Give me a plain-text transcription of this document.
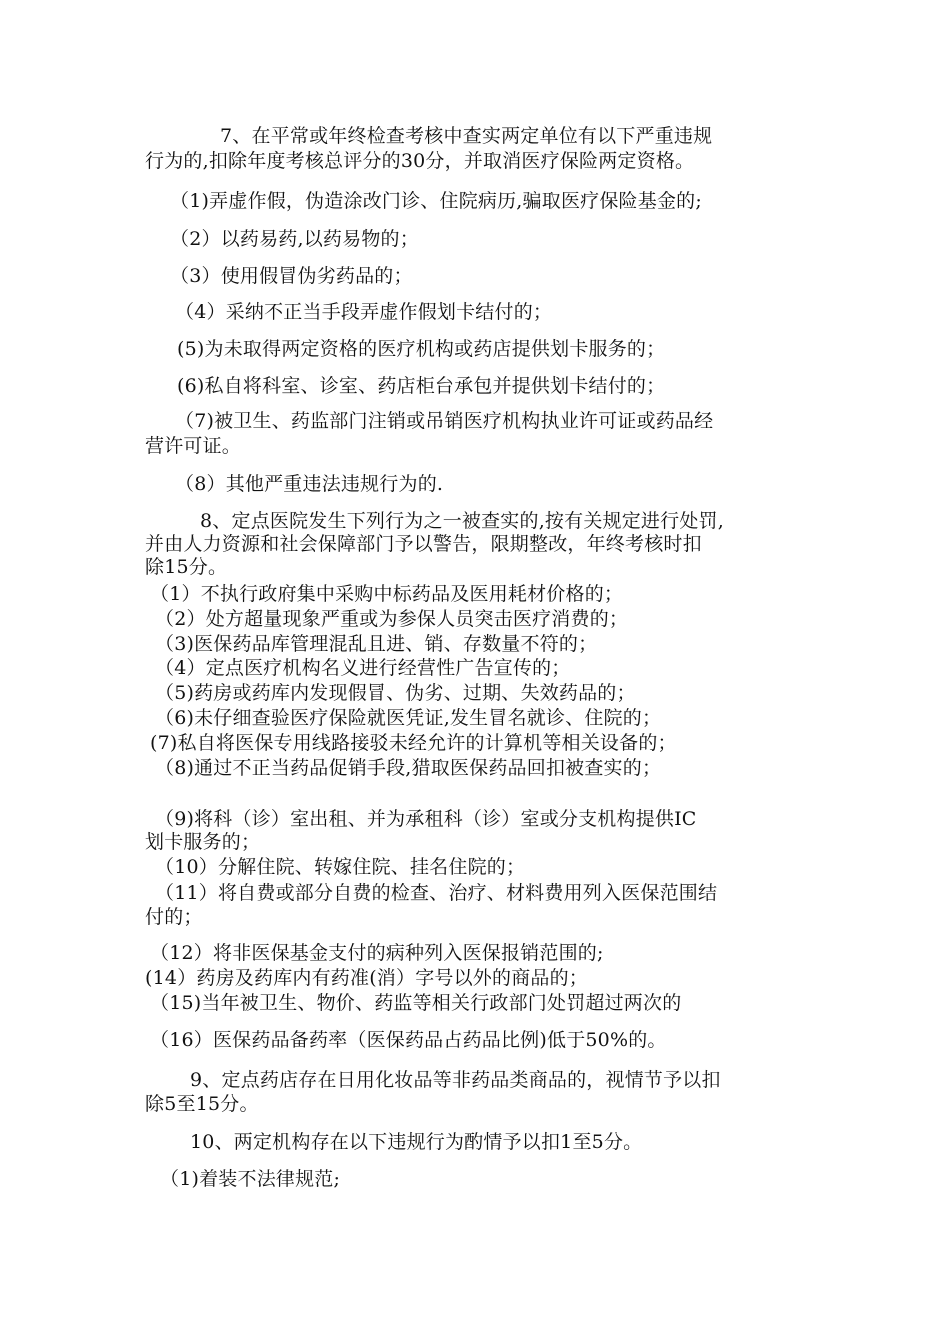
7、在平常或年终检查考核中查实两定单位有以下严重违规
行为的,扣除年度考核总评分的30分，并取消医疗保险两定资格。
（1)弄虚作假，伪造涂改门诊、住院病历,骗取医疗保险基金的;
（2）以药易药,以药易物的；
（3）使用假冒伪劣药品的；
（4）采纳不正当手段弄虚作假划卡结付的；
(5)为未取得两定资格的医疗机构或药店提供划卡服务的；
(6)私自将科室、诊室、药店柜台承包并提供划卡结付的；
（7)被卫生、药监部门注销或吊销医疗机构执业许可证或药品经
营许可证。
（8）其他严重违法违规行为的.
8、定点医院发生下列行为之一被查实的,按有关规定进行处罚,
并由人力资源和社会保障部门予以警告，限期整改，年终考核时扣
除15分。
（1）不执行政府集中采购中标药品及医用耗材价格的；
（2）处方超量现象严重或为参保人员突击医疗消费的；
（3)医保药品库管理混乱且进、销、存数量不符的；
（4）定点医疗机构名义进行经营性广告宣传的；
（5)药房或药库内发现假冒、伪劣、过期、失效药品的；
（6)未仔细查验医疗保险就医凭证,发生冒名就诊、住院的；
(7)私自将医保专用线路接驳未经允许的计算机等相关设备的；
（8)通过不正当药品促销手段,猎取医保药品回扣被查实的；
（9)将科（诊）室出租、并为承租科（诊）室或分支机构提供IC
划卡服务的；
（10）分解住院、转嫁住院、挂名住院的；
（11）将自费或部分自费的检查、治疗、材料费用列入医保范围结
付的；
（12）将非医保基金支付的病种列入医保报销范围的;
(14）药房及药库内有药准(消）字号以外的商品的；
（15)当年被卫生、物价、药监等相关行政部门处罚超过两次的
（16）医保药品备药率（医保药品占药品比例)低于50%的。
9、定点药店存在日用化妆品等非药品类商品的，视情节予以扣
除5至15分。
10、两定机构存在以下违规行为酌情予以扣1至5分。
（1)着装不法律规范;
